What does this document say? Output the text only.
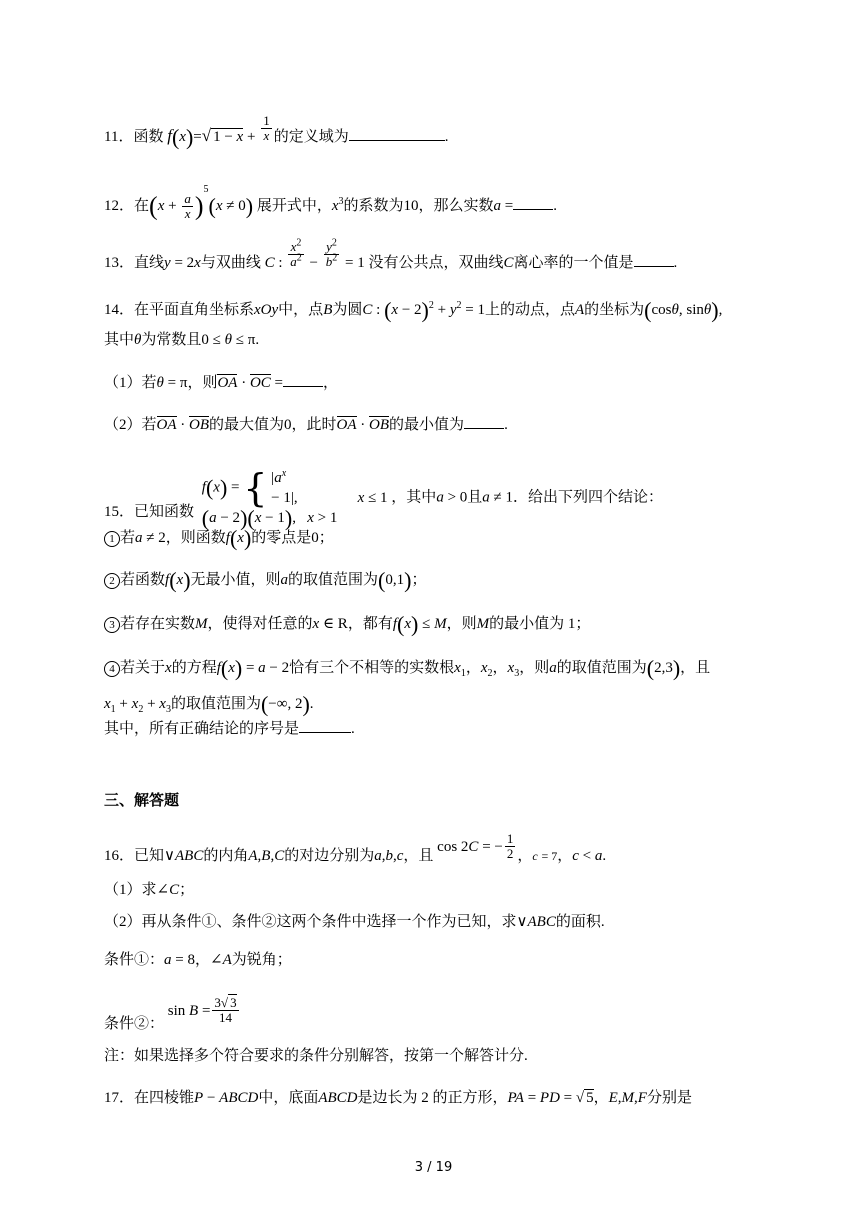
11．函数 f(x)=√ $1 - x + \frac{1}{x}$ 的定义域为	.
12．在$(x + \frac{a}{x} )^5(x \ne 0)$ 展开式中，$x^3$的系数为10，那么实数a =	.
13．直线y = 2x与双曲线 C : $\frac{x^2}{a^2} - \frac{y^2}{b^2} = 1$ 没有公共点，双曲线C离心率的一个值是	.
14．在平面直角坐标系xOy中，点B为圆C : $(x - 2)^2 + y^2 = 1$上的动点，点A的坐标为(cosθ, sinθ),
其中θ为常数且0 ≤ θ ≤ π.
（1）若θ = π，则OA · OC =	，
（2）若OA · OB的最大值为0，此时OA · OB的最小值为	.
15．已知函数 f(x) = { $|a^x$
− 1|,	x ≤ 1
(a − 2)(x − 1),   x > 1
，其中a > 0且a ≠ 1．给出下列四个结论：
1 若a ≠ 2，则函数f(x)的零点是0；
2 若函数f(x)无最小值，则a的取值范围为(0,1)；
3 若存在实数M，使得对任意的x ∈ R，都有f(x) ≤ M，则M的最小值为 1；
4 若关于x的方程f(x) = a − 2恰有三个不相等的实数根$x_1$，$x_2$，$x_3$，则a的取值范围为(2,3)，且
$x_1 + x_2 + x_3$的取值范围为(−∞, 2).
其中，所有正确结论的序号是	.
三、解答题
16．已知∨ABC的内角A,B,C的对边分别为a,b,c，且 cos 2C = − $\frac{1}{2}$ ，c = 7，c < a.
（1）求∠C；
（2）再从条件①、条件②这两个条件中选择一个作为已知，求∨ABC的面积.
条件①：a = 8，∠A为锐角；
条件②： $\sin B = \frac{3√ 3}{14}$
注：如果选择多个符合要求的条件分别解答，按第一个解答计分.
17．在四棱锥P − ABCD中，底面ABCD是边长为 2 的正方形，PA = PD = √ 5，E,M,F分别是
3 / 19
